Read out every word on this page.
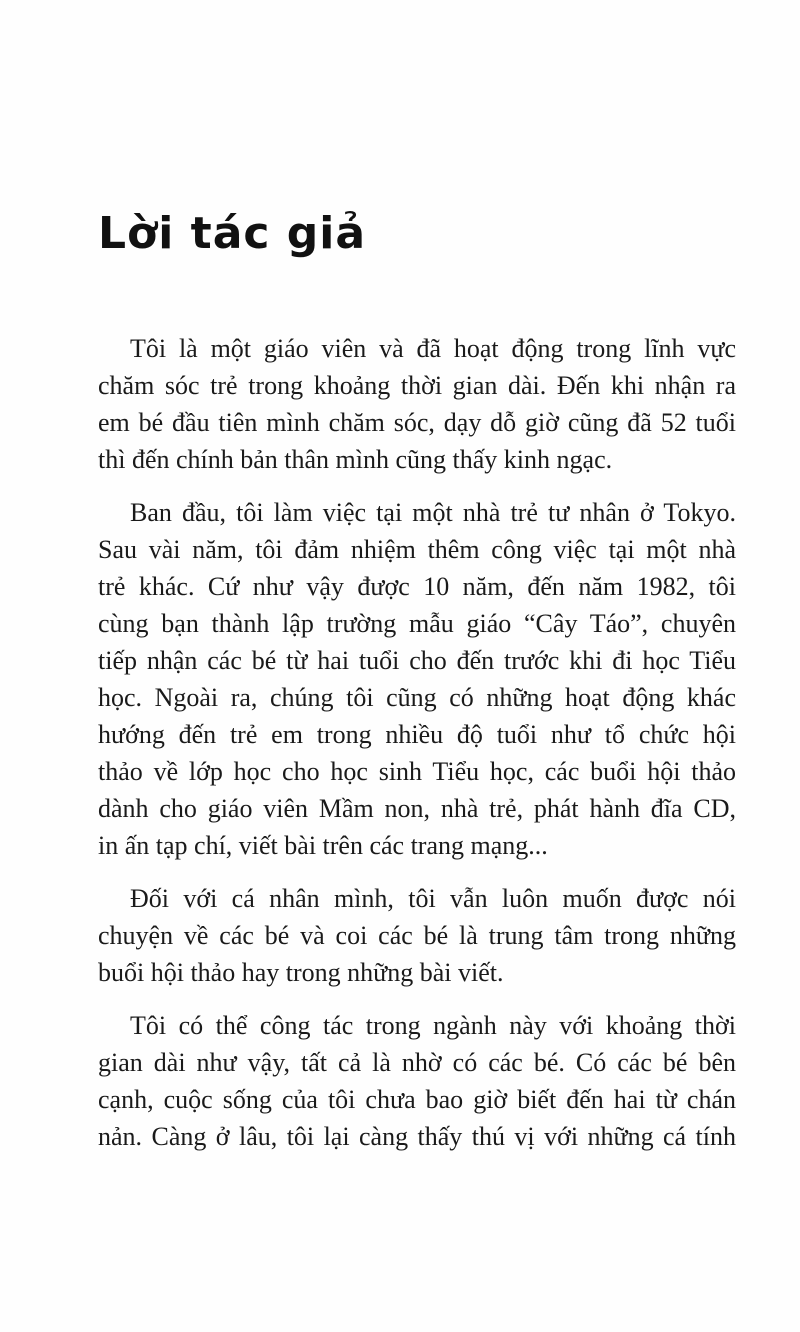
Lời tác giả

Tôi là một giáo viên và đã hoạt động trong lĩnh vực
chăm sóc trẻ trong khoảng thời gian dài. Đến khi nhận ra
em bé đầu tiên mình chăm sóc, dạy dỗ giờ cũng đã 52 tuổi
thì đến chính bản thân mình cũng thấy kinh ngạc.

Ban đầu, tôi làm việc tại một nhà trẻ tư nhân ở Tokyo.
Sau vài năm, tôi đảm nhiệm thêm công việc tại một nhà
trẻ khác. Cứ như vậy được 10 năm, đến năm 1982, tôi
cùng bạn thành lập trường mẫu giáo “Cây Táo”, chuyên
tiếp nhận các bé từ hai tuổi cho đến trước khi đi học Tiểu
học. Ngoài ra, chúng tôi cũng có những hoạt động khác
hướng đến trẻ em trong nhiều độ tuổi như tổ chức hội
thảo về lớp học cho học sinh Tiểu học, các buổi hội thảo
dành cho giáo viên Mầm non, nhà trẻ, phát hành đĩa CD,
in ấn tạp chí, viết bài trên các trang mạng...

Đối với cá nhân mình, tôi vẫn luôn muốn được nói
chuyện về các bé và coi các bé là trung tâm trong những
buổi hội thảo hay trong những bài viết.

Tôi có thể công tác trong ngành này với khoảng thời
gian dài như vậy, tất cả là nhờ có các bé. Có các bé bên
cạnh, cuộc sống của tôi chưa bao giờ biết đến hai từ chán
nản. Càng ở lâu, tôi lại càng thấy thú vị với những cá tính
